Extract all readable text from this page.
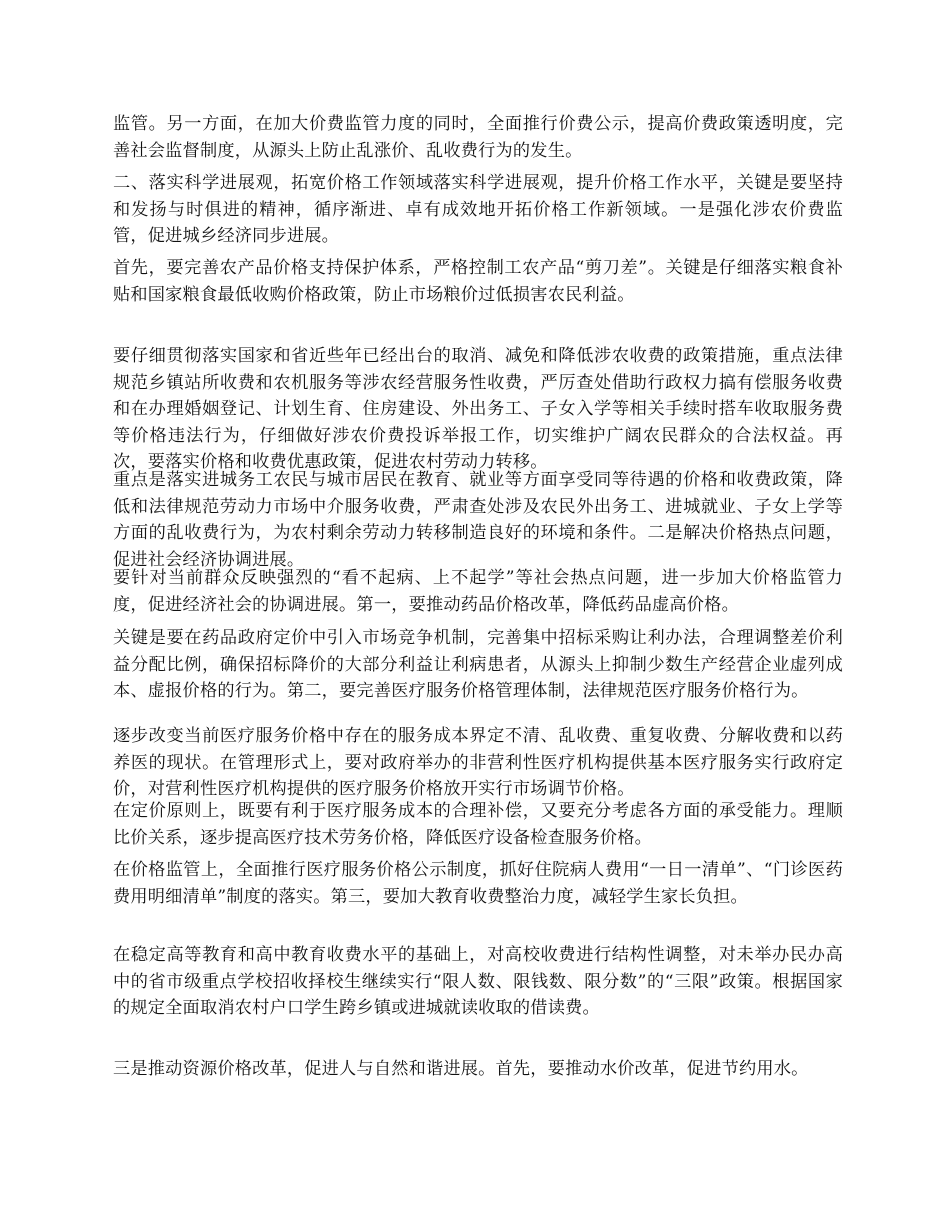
监管。另一方面，在加大价费监管力度的同时，全面推行价费公示，提高价费政策透明度，完善社会监督制度，从源头上防止乱涨价、乱收费行为的发生。

二、落实科学进展观，拓宽价格工作领域落实科学进展观，提升价格工作水平，关键是要坚持和发扬与时俱进的精神，循序渐进、卓有成效地开拓价格工作新领域。一是强化涉农价费监管，促进城乡经济同步进展。

首先，要完善农产品价格支持保护体系，严格控制工农产品“剪刀差”。关键是仔细落实粮食补贴和国家粮食最低收购价格政策，防止市场粮价过低损害农民利益。

要仔细贯彻落实国家和省近些年已经出台的取消、减免和降低涉农收费的政策措施，重点法律规范乡镇站所收费和农机服务等涉农经营服务性收费，严厉查处借助行政权力搞有偿服务收费和在办理婚姻登记、计划生育、住房建设、外出务工、子女入学等相关手续时搭车收取服务费等价格违法行为，仔细做好涉农价费投诉举报工作，切实维护广阔农民群众的合法权益。再次，要落实价格和收费优惠政策，促进农村劳动力转移。

重点是落实进城务工农民与城市居民在教育、就业等方面享受同等待遇的价格和收费政策，降低和法律规范劳动力市场中介服务收费，严肃查处涉及农民外出务工、进城就业、子女上学等方面的乱收费行为，为农村剩余劳动力转移制造良好的环境和条件。二是解决价格热点问题，促进社会经济协调进展。

要针对当前群众反映强烈的“看不起病、上不起学”等社会热点问题，进一步加大价格监管力度，促进经济社会的协调进展。第一，要推动药品价格改革，降低药品虚高价格。

关键是要在药品政府定价中引入市场竞争机制，完善集中招标采购让利办法，合理调整差价利益分配比例，确保招标降价的大部分利益让利病患者，从源头上抑制少数生产经营企业虚列成本、虚报价格的行为。第二，要完善医疗服务价格管理体制，法律规范医疗服务价格行为。

逐步改变当前医疗服务价格中存在的服务成本界定不清、乱收费、重复收费、分解收费和以药养医的现状。在管理形式上，要对政府举办的非营利性医疗机构提供基本医疗服务实行政府定价，对营利性医疗机构提供的医疗服务价格放开实行市场调节价格。

在定价原则上，既要有利于医疗服务成本的合理补偿，又要充分考虑各方面的承受能力。理顺比价关系，逐步提高医疗技术劳务价格，降低医疗设备检查服务价格。

在价格监管上，全面推行医疗服务价格公示制度，抓好住院病人费用“一日一清单”、“门诊医药费用明细清单”制度的落实。第三，要加大教育收费整治力度，减轻学生家长负担。

在稳定高等教育和高中教育收费水平的基础上，对高校收费进行结构性调整，对未举办民办高中的省市级重点学校招收择校生继续实行“限人数、限钱数、限分数”的“三限”政策。根据国家的规定全面取消农村户口学生跨乡镇或进城就读收取的借读费。

三是推动资源价格改革，促进人与自然和谐进展。首先，要推动水价改革，促进节约用水。
